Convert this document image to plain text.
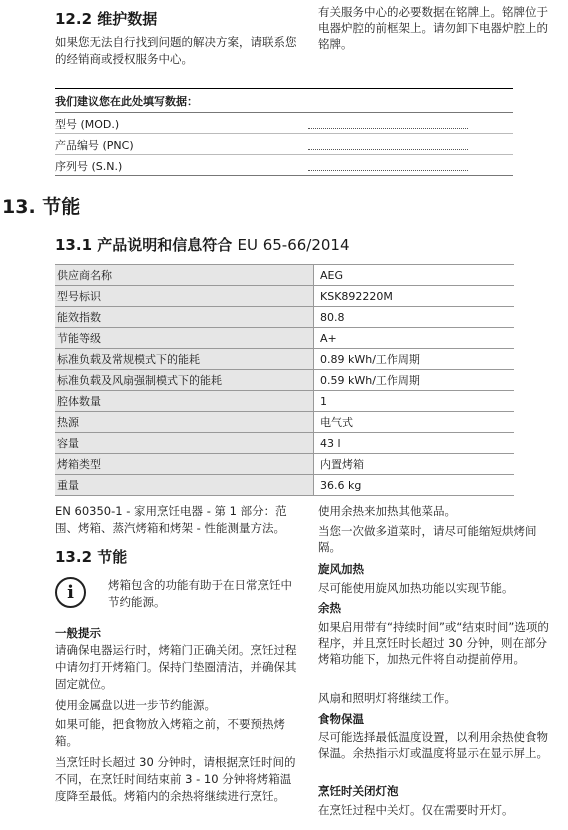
12.2 维护数据
如果您无法自行找到问题的解决方案，请联系您的经销商或授权服务中心。
有关服务中心的必要数据在铭牌上。铭牌位于电器炉腔的前框架上。请勿卸下电器炉腔上的铭牌。
我们建议您在此处填写数据：
型号 (MOD.)
产品编号 (PNC)
序列号 (S.N.)
13. 节能
13.1 产品说明和信息符合 EU 65-66/2014
供应商名称	AEG
型号标识	KSK892220M
能效指数	80.8
节能等级	A+
标准负载及常规模式下的能耗	0.89 kWh/工作周期
标准负载及风扇强制模式下的能耗	0.59 kWh/工作周期
腔体数量	1
热源	电气式
容量	43 l
烤箱类型	内置烤箱
重量	36.6 kg
EN 60350-1 - 家用烹饪电器 - 第 1 部分：范围、烤箱、蒸汽烤箱和烤架 - 性能测量方法。
13.2 节能
i	烤箱包含的功能有助于在日常烹饪中节约能源。
一般提示
请确保电器运行时，烤箱门正确关闭。烹饪过程中请勿打开烤箱门。保持门垫圈清洁，并确保其固定就位。
使用金属盘以进一步节约能源。
如果可能，把食物放入烤箱之前，不要预热烤箱。
当烹饪时长超过 30 分钟时，请根据烹饪时间的不同，在烹饪时间结束前 3 - 10 分钟将烤箱温度降至最低。烤箱内的余热将继续进行烹饪。
使用余热来加热其他菜品。
当您一次做多道菜时，请尽可能缩短烘烤间隔。
旋风加热
尽可能使用旋风加热功能以实现节能。
余热
如果启用带有“持续时间”或“结束时间”选项的程序，并且烹饪时长超过 30 分钟，则在部分烤箱功能下，加热元件将自动提前停用。
风扇和照明灯将继续工作。
食物保温
尽可能选择最低温度设置，以利用余热使食物保温。余热指示灯或温度将显示在显示屏上。
烹饪时关闭灯泡
在烹饪过程中关灯。仅在需要时开灯。
